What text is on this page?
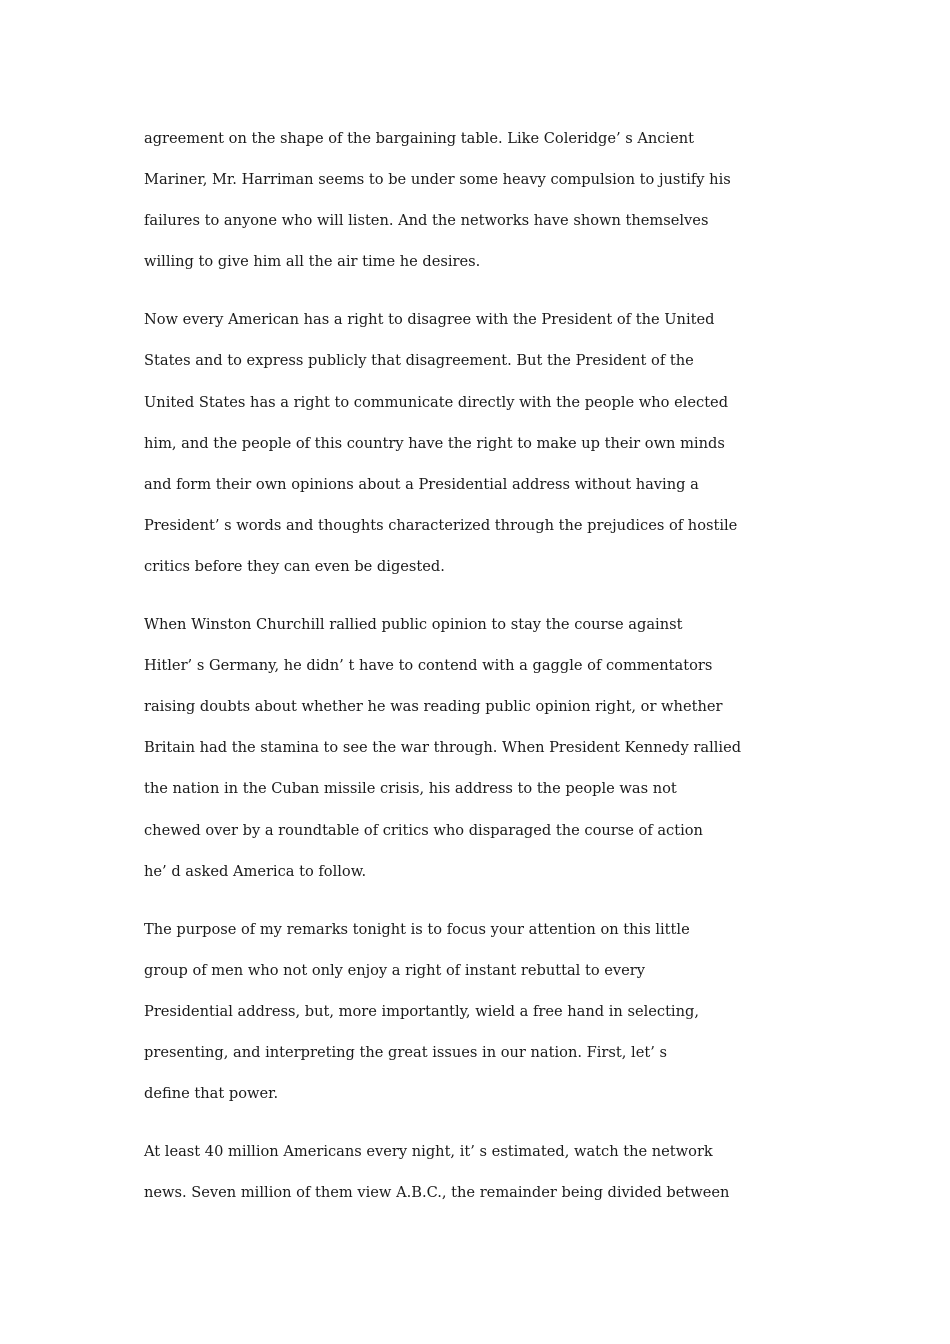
agreement on the shape of the bargaining table. Like Coleridge’ s Ancient
Mariner, Mr. Harriman seems to be under some heavy compulsion to justify his
failures to anyone who will listen. And the networks have shown themselves
willing to give him all the air time he desires.

Now every American has a right to disagree with the President of the United
States and to express publicly that disagreement. But the President of the
United States has a right to communicate directly with the people who elected
him, and the people of this country have the right to make up their own minds
and form their own opinions about a Presidential address without having a
President’ s words and thoughts characterized through the prejudices of hostile
critics before they can even be digested.

When Winston Churchill rallied public opinion to stay the course against
Hitler’ s Germany, he didn’ t have to contend with a gaggle of commentators
raising doubts about whether he was reading public opinion right, or whether
Britain had the stamina to see the war through. When President Kennedy rallied
the nation in the Cuban missile crisis, his address to the people was not
chewed over by a roundtable of critics who disparaged the course of action
he’ d asked America to follow.

The purpose of my remarks tonight is to focus your attention on this little
group of men who not only enjoy a right of instant rebuttal to every
Presidential address, but, more importantly, wield a free hand in selecting,
presenting, and interpreting the great issues in our nation. First, let’ s
define that power.

At least 40 million Americans every night, it’ s estimated, watch the network
news. Seven million of them view A.B.C., the remainder being divided between
